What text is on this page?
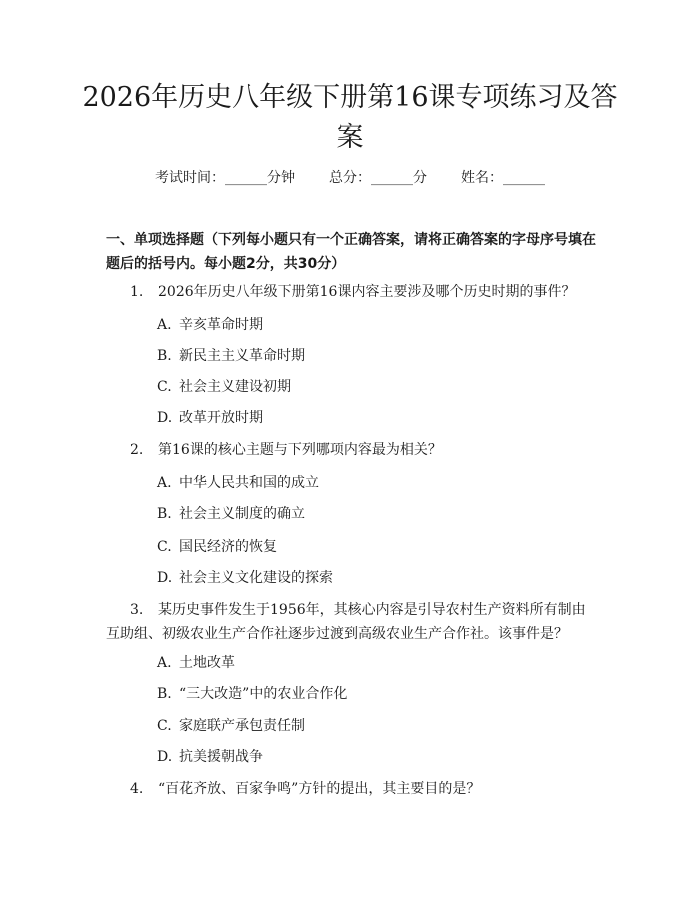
2026年历史八年级下册第16课专项练习及答案
考试时间：______分钟 总分：______分 姓名：______
一、单项选择题（下列每小题只有一个正确答案，请将正确答案的字母序号填在题后的括号内。每小题2分，共30分）
1. 2026年历史八年级下册第16课内容主要涉及哪个历史时期的事件？
A. 辛亥革命时期
B. 新民主主义革命时期
C. 社会主义建设初期
D. 改革开放时期
2. 第16课的核心主题与下列哪项内容最为相关？
A. 中华人民共和国的成立
B. 社会主义制度的确立
C. 国民经济的恢复
D. 社会主义文化建设的探索
3. 某历史事件发生于1956年，其核心内容是引导农村生产资料所有制由互助组、初级农业生产合作社逐步过渡到高级农业生产合作社。该事件是？
A. 土地改革
B. “三大改造”中的农业合作化
C. 家庭联产承包责任制
D. 抗美援朝战争
4. “百花齐放、百家争鸣”方针的提出，其主要目的是？
